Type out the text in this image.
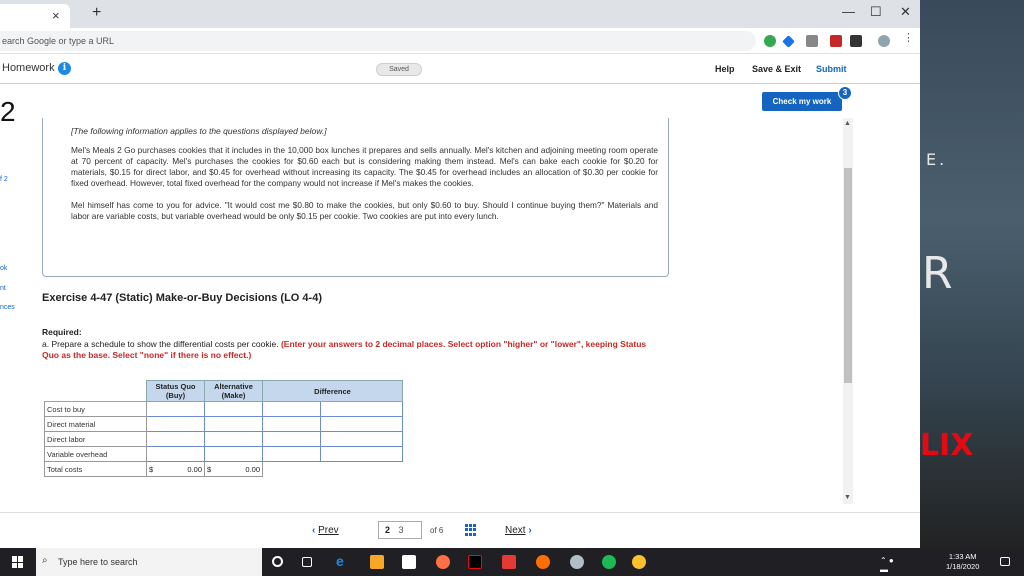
× +	— ☐ ✕
earch Google or type a URL	⋮
Homework i	Saved	Help Save & Exit Submit
2
f 2
ok
nt
nces
Check my work
3

[The following information applies to the questions displayed below.]

Mel's Meals 2 Go purchases cookies that it includes in the 10,000 box lunches it prepares and sells annually. Mel's kitchen and adjoining meeting room operate at 70 percent of capacity. Mel's purchases the cookies for $0.60 each but is considering making them instead. Mel's can bake each cookie for $0.20 for materials, $0.15 for direct labor, and $0.45 for overhead without increasing its capacity. The $0.45 for overhead includes an allocation of $0.30 per cookie for fixed overhead. However, total fixed overhead for the company would not increase if Mel's makes the cookies.

Mel himself has come to you for advice. "It would cost me $0.80 to make the cookies, but only $0.60 to buy. Should I continue buying them?" Materials and labor are variable costs, but variable overhead would be only $0.15 per cookie. Two cookies are put into every lunch.

Exercise 4-47 (Static) Make-or-Buy Decisions (LO 4-4)
Required:
a. Prepare a schedule to show the differential costs per cookie. (Enter your answers to 2 decimal places. Select option "higher" or "lower", keeping Status Quo as the base. Select "none" if there is no effect.)
	Status Quo (Buy)	Alternative (Make)	Difference	
Cost to buy				
Direct material				
Direct labor				
Variable overhead				
Total costs	$ 0.00	$ 0.00		

▲
▼
‹ Prev	2 3	of 6	Next ›
E.
R
LIX
⌕ Type here to search	e	⌃ ● ▬ ◔ ◁
1:33 AM
1/18/2020
